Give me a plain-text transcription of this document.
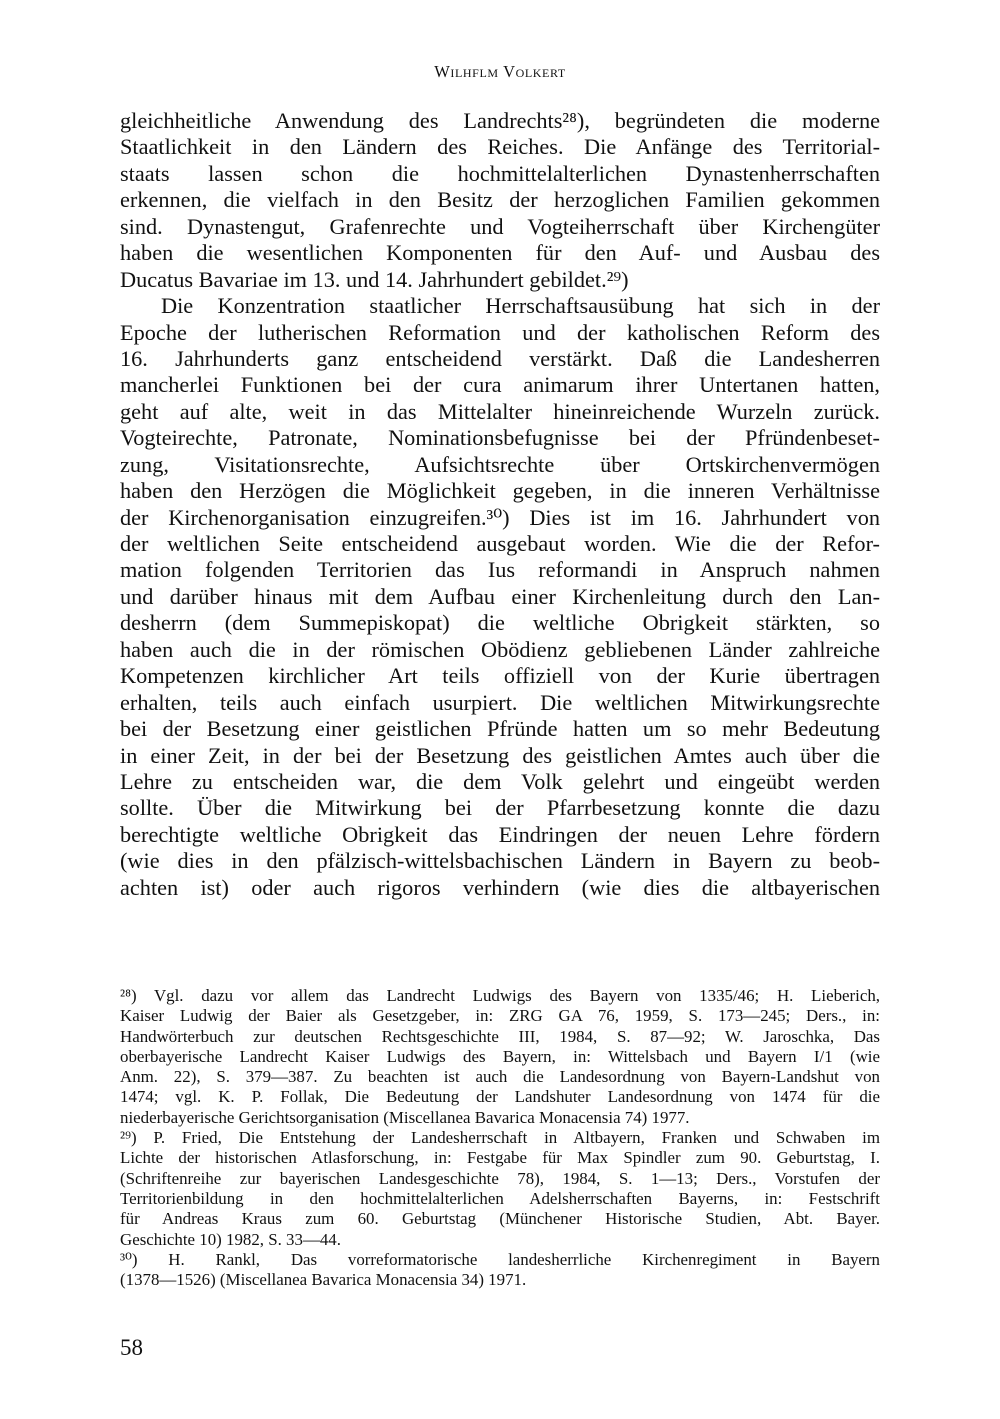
Wilhflm Volkert
gleichheitliche Anwendung des Landrechts²⁸), begründeten die moderne
Staatlichkeit in den Ländern des Reiches. Die Anfänge des Territorial-
staats lassen schon die hochmittelalterlichen Dynastenherrschaften
erkennen, die vielfach in den Besitz der herzoglichen Familien gekommen
sind. Dynastengut, Grafenrechte und Vogteiherrschaft über Kirchengüter
haben die wesentlichen Komponenten für den Auf- und Ausbau des
Ducatus Bavariae im 13. und 14. Jahrhundert gebildet.²⁹)
Die Konzentration staatlicher Herrschaftsausübung hat sich in der
Epoche der lutherischen Reformation und der katholischen Reform des
16. Jahrhunderts ganz entscheidend verstärkt. Daß die Landesherren
mancherlei Funktionen bei der cura animarum ihrer Untertanen hatten,
geht auf alte, weit in das Mittelalter hineinreichende Wurzeln zurück.
Vogteirechte, Patronate, Nominationsbefugnisse bei der Pfründenbeset-
zung, Visitationsrechte, Aufsichtsrechte über Ortskirchenvermögen
haben den Herzögen die Möglichkeit gegeben, in die inneren Verhältnisse
der Kirchenorganisation einzugreifen.³⁰) Dies ist im 16. Jahrhundert von
der weltlichen Seite entscheidend ausgebaut worden. Wie die der Refor-
mation folgenden Territorien das Ius reformandi in Anspruch nahmen
und darüber hinaus mit dem Aufbau einer Kirchenleitung durch den Lan-
desherrn (dem Summepiskopat) die weltliche Obrigkeit stärkten, so
haben auch die in der römischen Obödienz gebliebenen Länder zahlreiche
Kompetenzen kirchlicher Art teils offiziell von der Kurie übertragen
erhalten, teils auch einfach usurpiert. Die weltlichen Mitwirkungsrechte
bei der Besetzung einer geistlichen Pfründe hatten um so mehr Bedeutung
in einer Zeit, in der bei der Besetzung des geistlichen Amtes auch über die
Lehre zu entscheiden war, die dem Volk gelehrt und eingeübt werden
sollte. Über die Mitwirkung bei der Pfarrbesetzung konnte die dazu
berechtigte weltliche Obrigkeit das Eindringen der neuen Lehre fördern
(wie dies in den pfälzisch-wittelsbachischen Ländern in Bayern zu beob-
achten ist) oder auch rigoros verhindern (wie dies die altbayerischen
²⁸) Vgl. dazu vor allem das Landrecht Ludwigs des Bayern von 1335/46; H. Lieberich,
Kaiser Ludwig der Baier als Gesetzgeber, in: ZRG GA 76, 1959, S. 173—245; Ders., in:
Handwörterbuch zur deutschen Rechtsgeschichte III, 1984, S. 87—92; W. Jaroschka, Das
oberbayerische Landrecht Kaiser Ludwigs des Bayern, in: Wittelsbach und Bayern I/1 (wie
Anm. 22), S. 379—387. Zu beachten ist auch die Landesordnung von Bayern-Landshut von
1474; vgl. K. P. Follak, Die Bedeutung der Landshuter Landesordnung von 1474 für die
niederbayerische Gerichtsorganisation (Miscellanea Bavarica Monacensia 74) 1977.
²⁹) P. Fried, Die Entstehung der Landesherrschaft in Altbayern, Franken und Schwaben im
Lichte der historischen Atlasforschung, in: Festgabe für Max Spindler zum 90. Geburtstag, I.
(Schriftenreihe zur bayerischen Landesgeschichte 78), 1984, S. 1—13; Ders., Vorstufen der
Territorienbildung in den hochmittelalterlichen Adelsherrschaften Bayerns, in: Festschrift
für Andreas Kraus zum 60. Geburtstag (Münchener Historische Studien, Abt. Bayer.
Geschichte 10) 1982, S. 33—44.
³⁰) H. Rankl, Das vorreformatorische landesherrliche Kirchenregiment in Bayern
(1378—1526) (Miscellanea Bavarica Monacensia 34) 1971.
58
